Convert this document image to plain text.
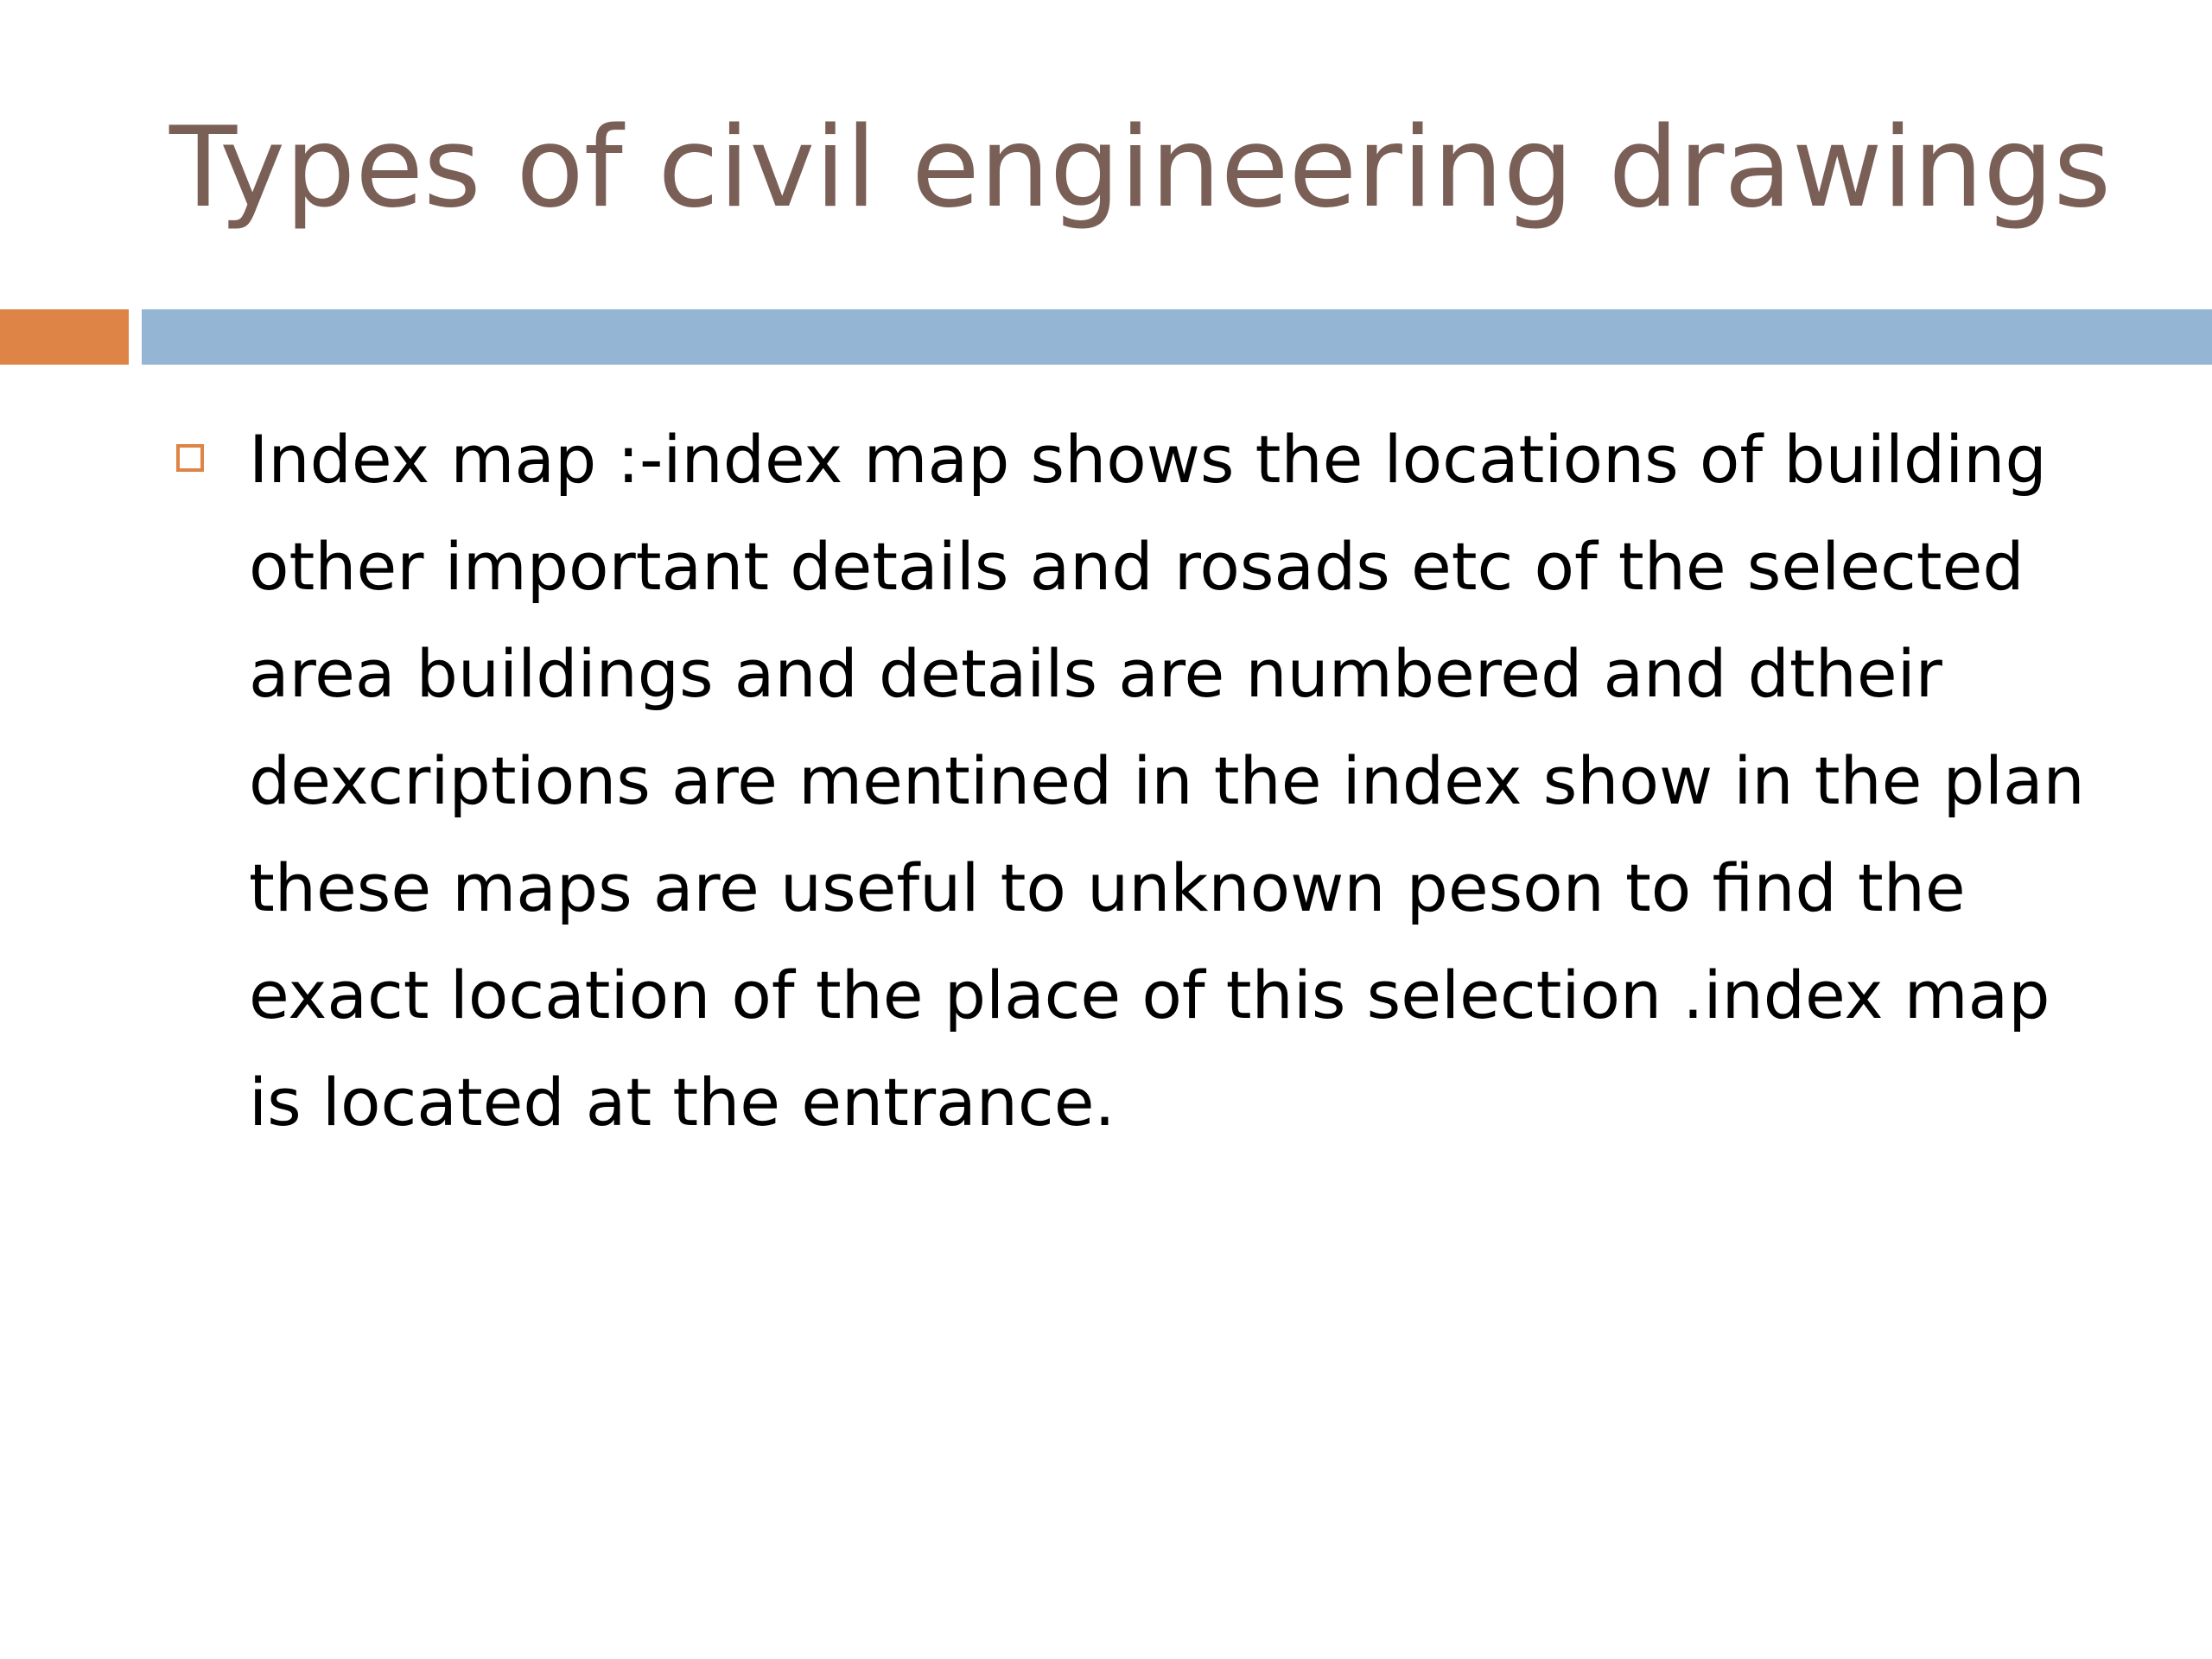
Types of civil engineering drawings
Index map :-index map shows the locations of building other important details and rosads etc of the selected area buildings and details are numbered and dtheir dexcriptions are mentined in the index show in the plan these maps are useful to unknown peson to find the exact location of the place of this selection .index map is located at the entrance.
